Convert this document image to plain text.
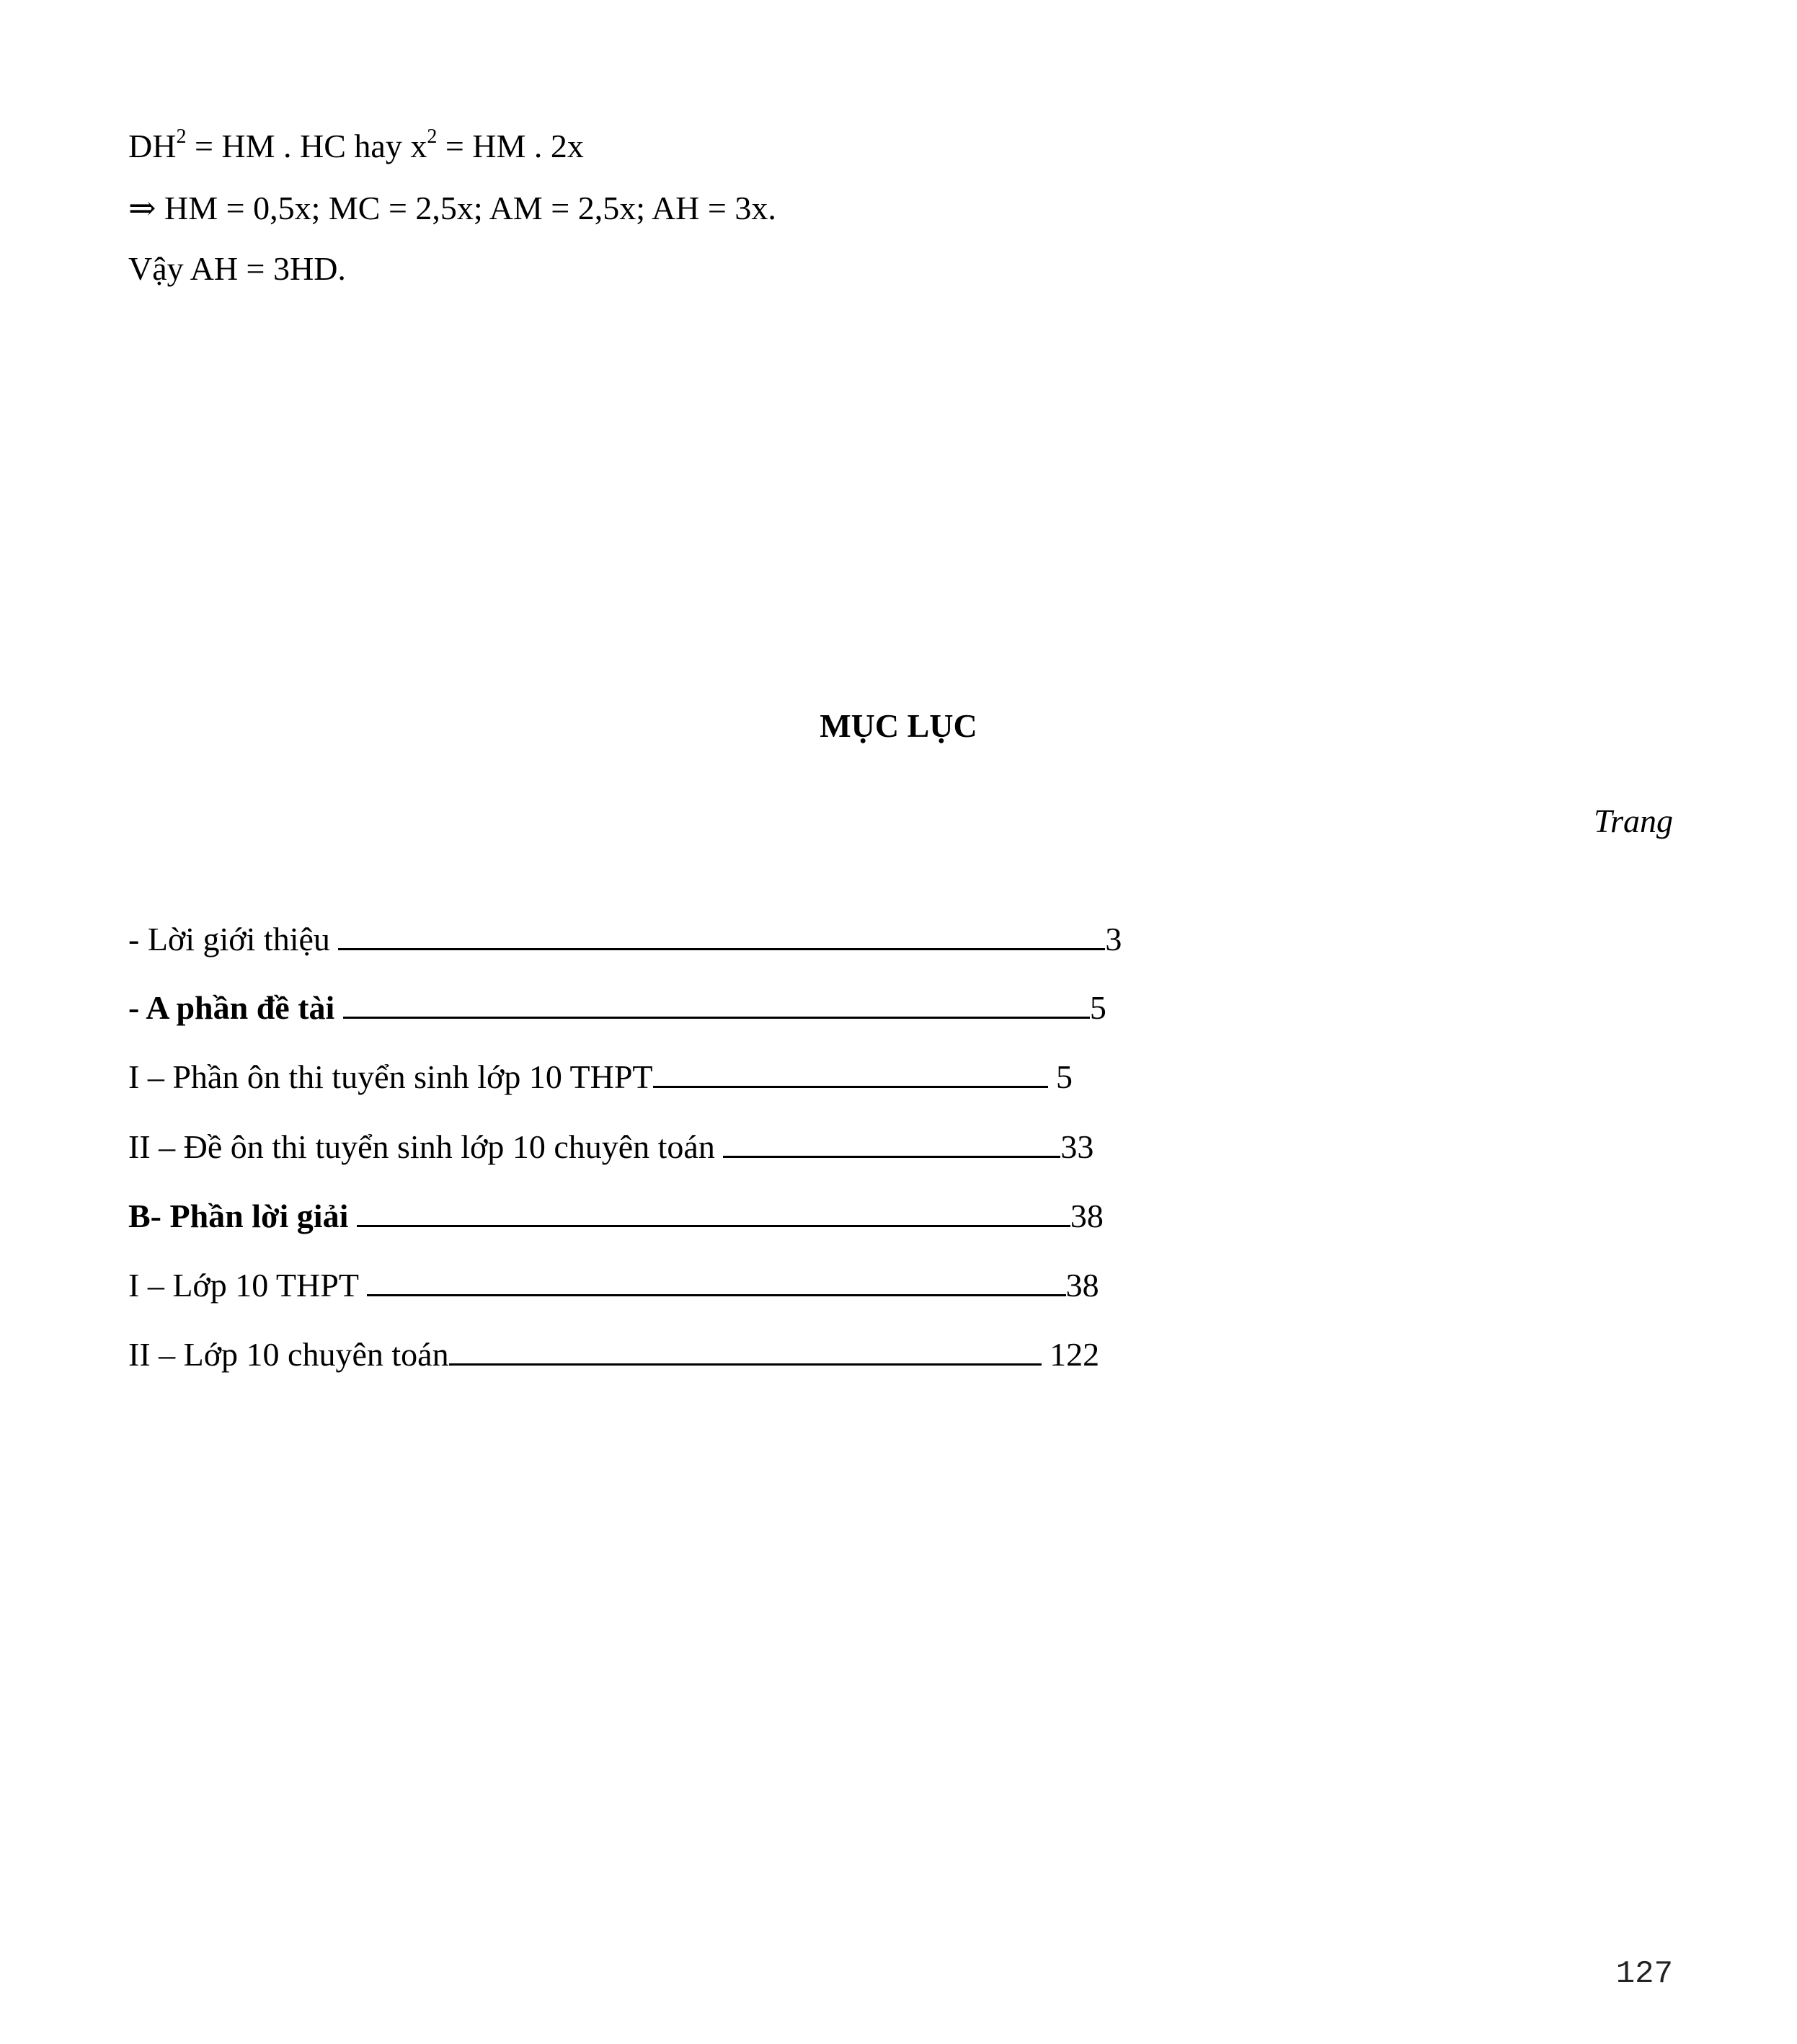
$DH^2$ = HM . HC hay $x^2$ = HM . 2x
⇒ HM = 0,5x; MC = 2,5x; AM = 2,5x; AH = 3x.
Vậy AH = 3HD.
MỤC LỤC
Trang
- Lời giới thiệu	3
- A phần đề tài	5
I – Phần ôn thi tuyển sinh lớp 10 THPT	5
II – Đề ôn thi tuyển sinh lớp 10 chuyên toán	33
B- Phần lời giải	38
I – Lớp 10 THPT	38
II – Lớp 10 chuyên toán	122
127
